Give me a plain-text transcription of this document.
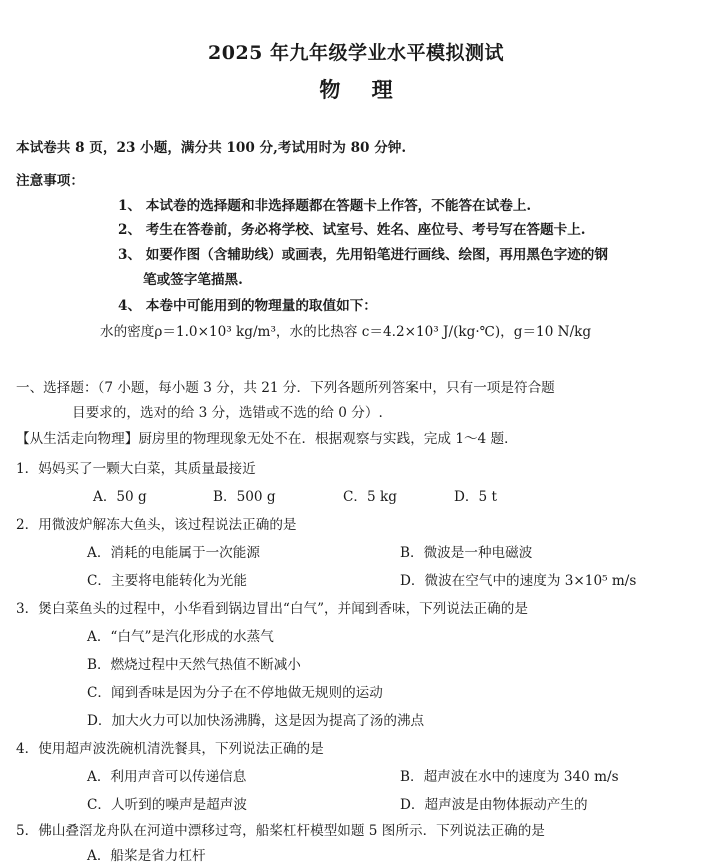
2025 年九年级学业水平模拟测试
物 理
本试卷共 8 页，23 小题，满分共 100 分,考试用时为 80 分钟.
注意事项：
1、 本试卷的选择题和非选择题都在答题卡上作答，不能答在试卷上.
2、 考生在答卷前，务必将学校、试室号、姓名、座位号、考号写在答题卡上.
3、 如要作图（含辅助线）或画表，先用铅笔进行画线、绘图，再用黑色字迹的钢
笔或签字笔描黑.
4、 本卷中可能用到的物理量的取值如下：
水的密度ρ＝1.0×10³ kg/m³，水的比热容 c＝4.2×10³ J/(kg·℃)，g＝10 N/kg
一、选择题：（7 小题，每小题 3 分，共 21 分．下列各题所列答案中，只有一项是符合题
目要求的，选对的给 3 分，选错或不选的给 0 分）.
【从生活走向物理】厨房里的物理现象无处不在．根据观察与实践，完成 1～4 题．
1．妈妈买了一颗大白菜，其质量最接近
A．50 g	B．500 g	C．5 kg	D．5 t
2．用微波炉解冻大鱼头，该过程说法正确的是
A．消耗的电能属于一次能源	B．微波是一种电磁波
C．主要将电能转化为光能	D．微波在空气中的速度为 3×10⁵ m/s
3．煲白菜鱼头的过程中，小华看到锅边冒出“白气”，并闻到香味，下列说法正确的是
A．“白气”是汽化形成的水蒸气
B．燃烧过程中天然气热值不断减小
C．闻到香味是因为分子在不停地做无规则的运动
D．加大火力可以加快汤沸腾，这是因为提高了汤的沸点
4．使用超声波洗碗机清洗餐具，下列说法正确的是
A．利用声音可以传递信息	B．超声波在水中的速度为 340 m/s
C．人听到的噪声是超声波	D．超声波是由物体振动产生的
5．佛山叠滘龙舟队在河道中漂移过弯，船桨杠杆模型如题 5 图所示．下列说法正确的是
A．船桨是省力杠杆
